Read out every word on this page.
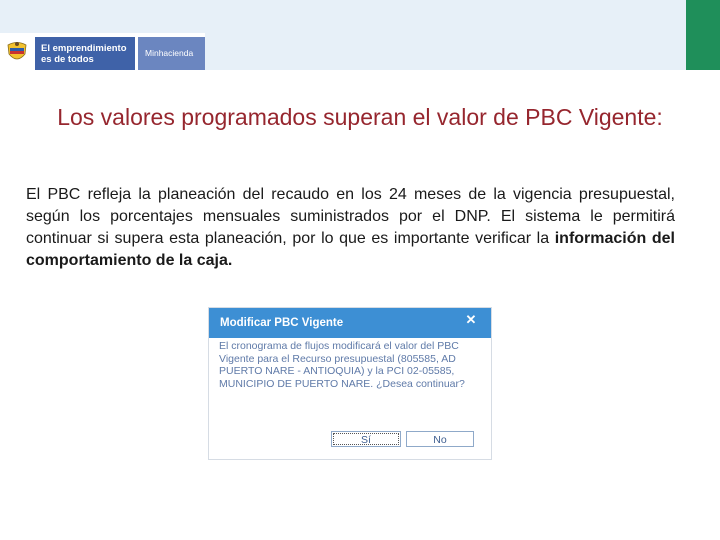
El emprendimiento
es de todos
Minhacienda
Los valores programados superan el valor de PBC Vigente:
El PBC refleja la planeación del recaudo en los 24 meses de la vigencia presupuestal, según los porcentajes mensuales suministrados por el DNP. El sistema le permitirá continuar si supera esta planeación, por lo que es importante verificar la información del comportamiento de la caja.
Modificar PBC Vigente	✕
El cronograma de flujos modificará el valor del PBC Vigente para el Recurso presupuestal (805585, AD PUERTO NARE - ANTIOQUIA) y la PCI 02-05585, MUNICIPIO DE PUERTO NARE. ¿Desea continuar?
Sí	No
